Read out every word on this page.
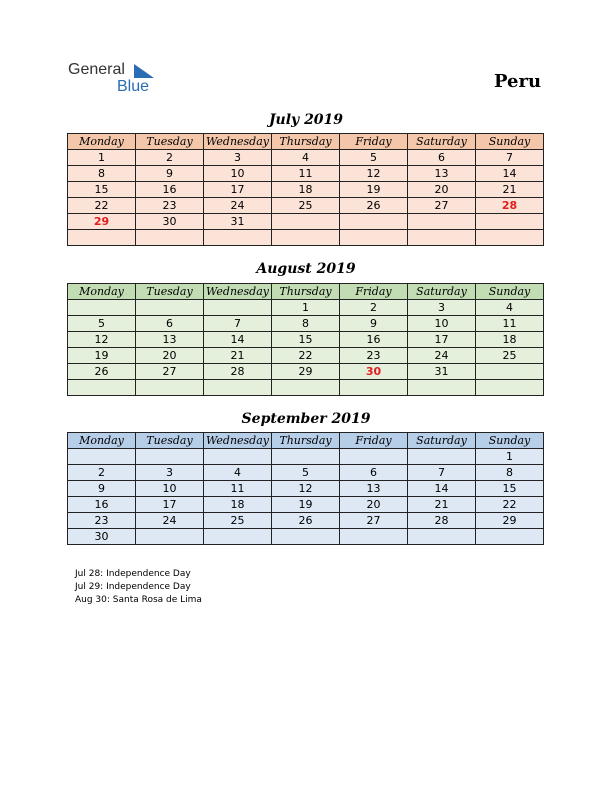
General
Blue	Peru
July 2019
Monday	Tuesday	Wednesday	Thursday	Friday	Saturday	Sunday
1	2	3	4	5	6	7
8	9	10	11	12	13	14
15	16	17	18	19	20	21
22	23	24	25	26	27	28
29	30	31				

August 2019
Monday	Tuesday	Wednesday	Thursday	Friday	Saturday	Sunday
			1	2	3	4
5	6	7	8	9	10	11
12	13	14	15	16	17	18
19	20	21	22	23	24	25
26	27	28	29	30	31	

September 2019
Monday	Tuesday	Wednesday	Thursday	Friday	Saturday	Sunday
						1
2	3	4	5	6	7	8
9	10	11	12	13	14	15
16	17	18	19	20	21	22
23	24	25	26	27	28	29
30						
Jul 28: Independence Day
Jul 29: Independence Day
Aug 30: Santa Rosa de Lima
